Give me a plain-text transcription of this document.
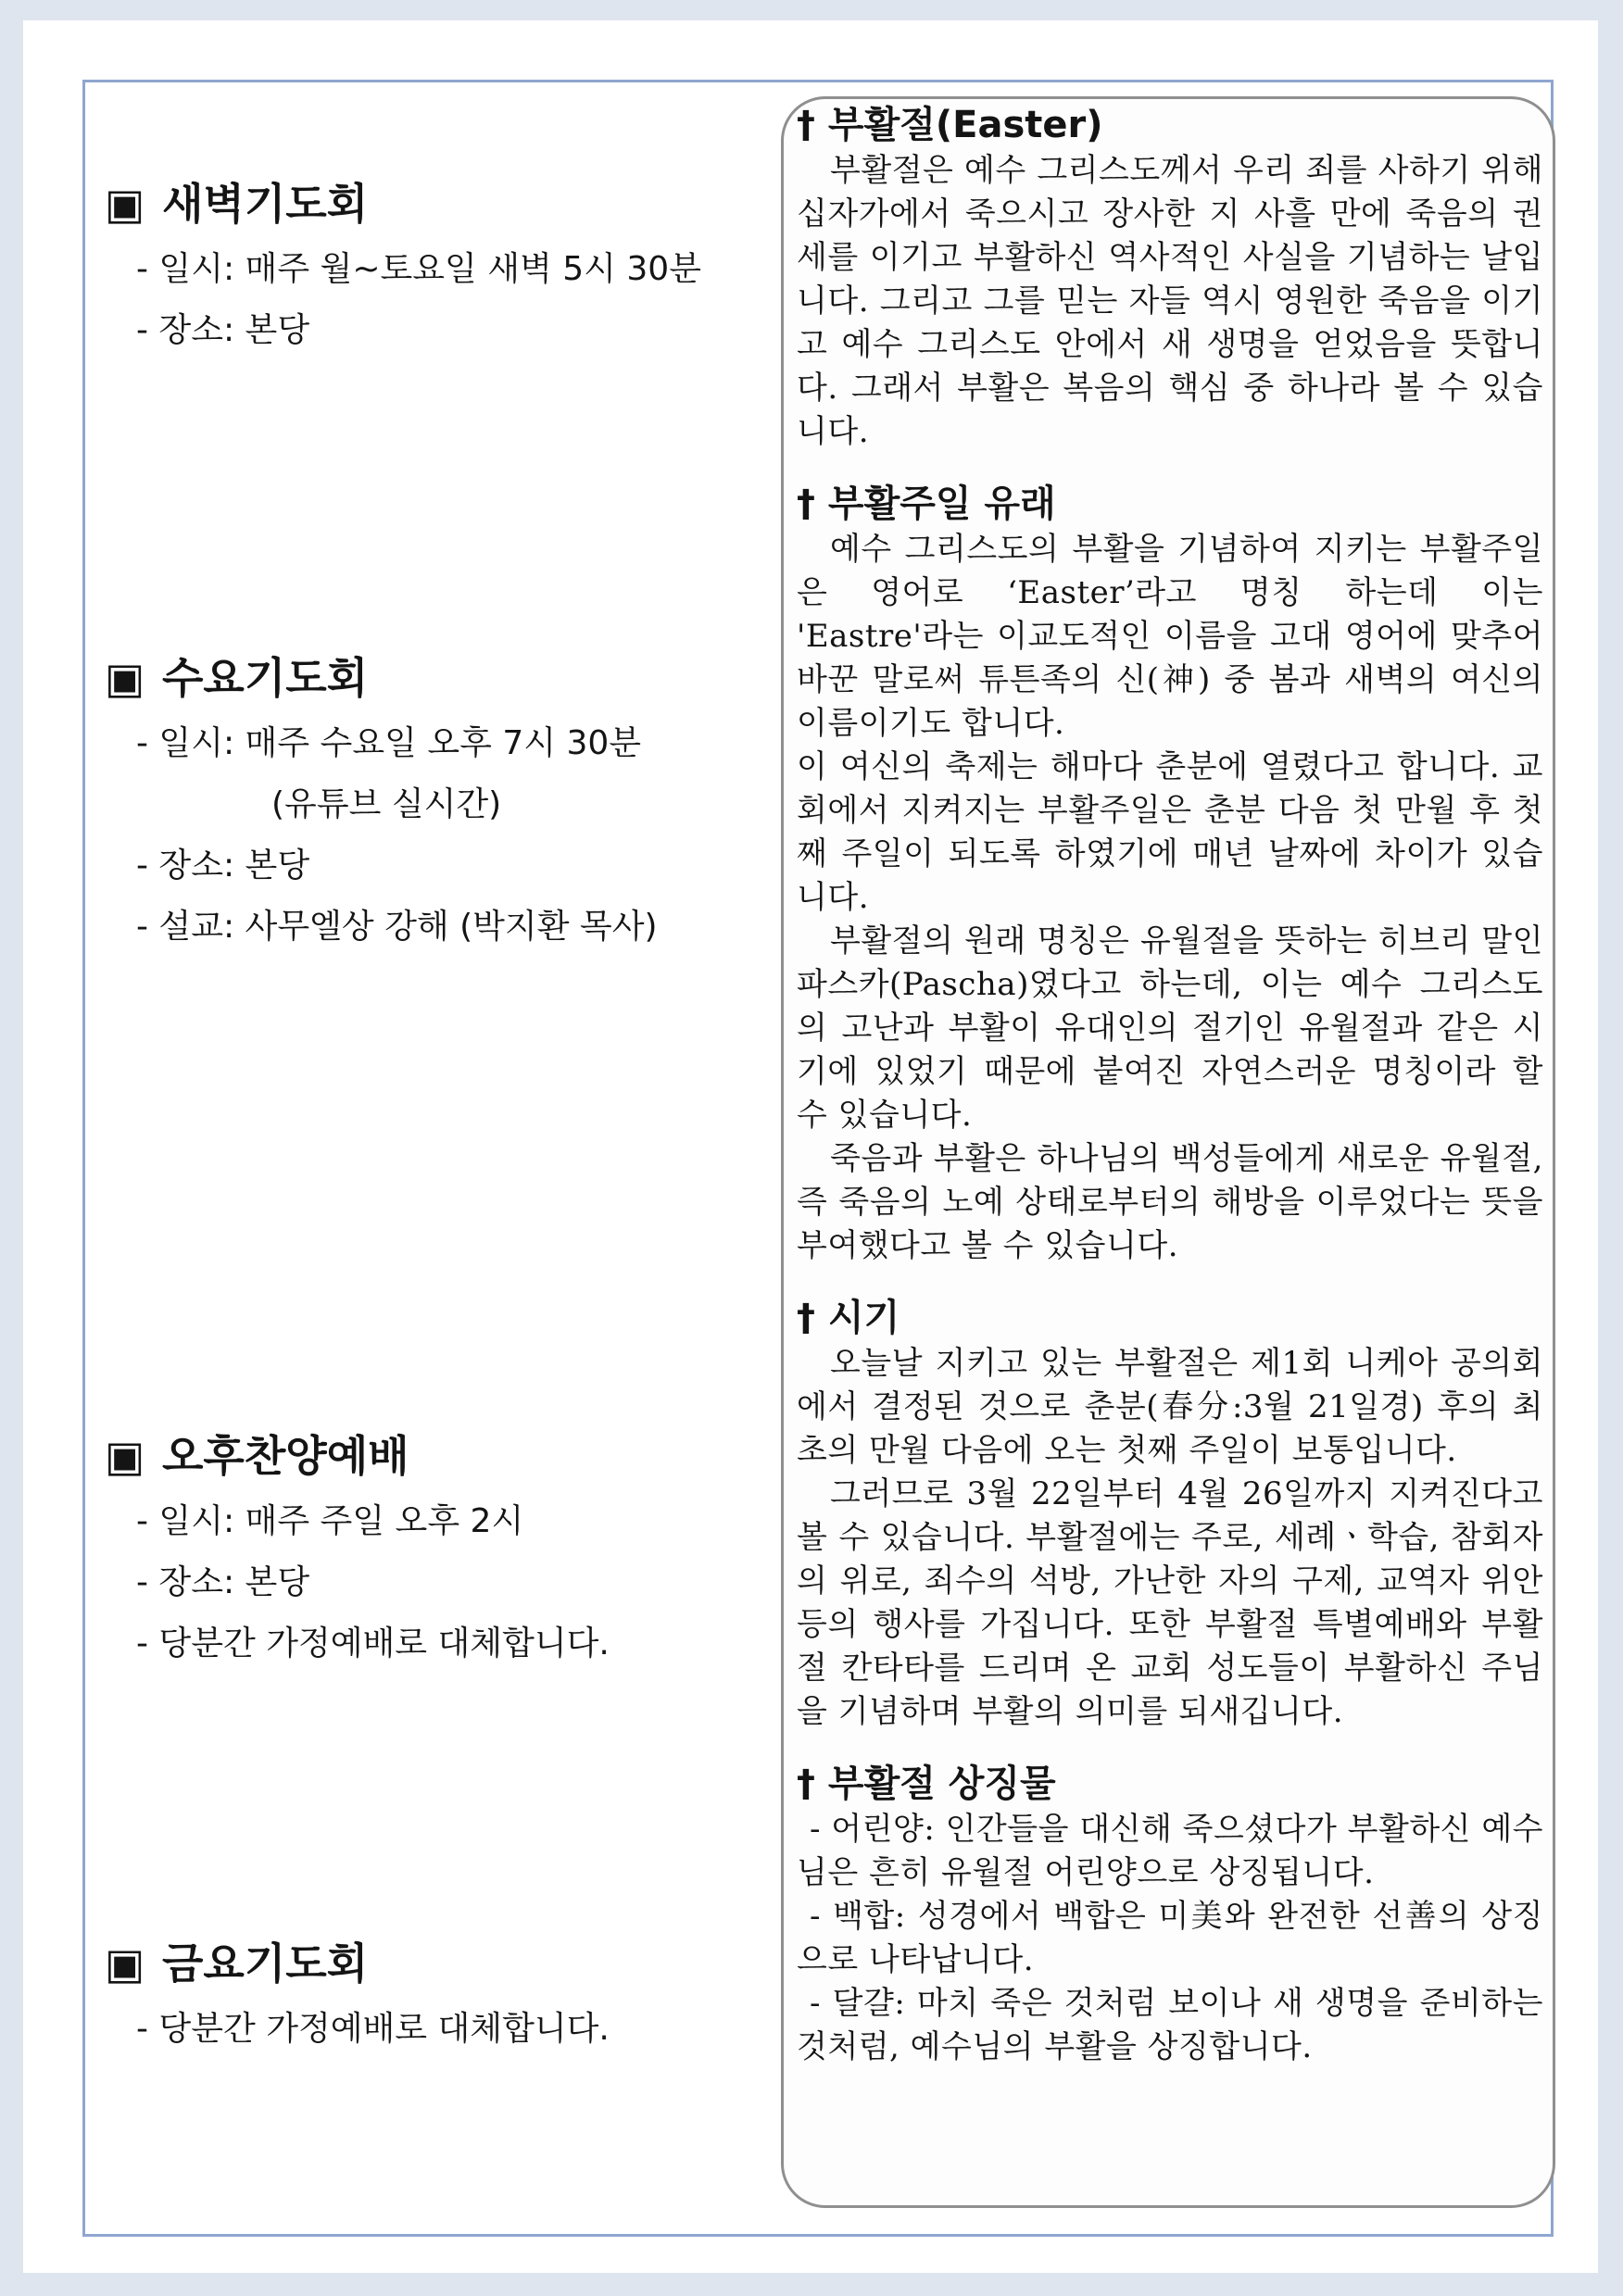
▣ 새벽기도회
- 일시: 매주 월~토요일 새벽 5시 30분
- 장소: 본당
▣ 수요기도회
- 일시: 매주 수요일 오후 7시 30분
(유튜브 실시간)
- 장소: 본당
- 설교: 사무엘상 강해 (박지환 목사)
▣ 오후찬양예배
- 일시: 매주 주일 오후 2시
- 장소: 본당
- 당분간 가정예배로 대체합니다.
▣ 금요기도회
- 당분간 가정예배로 대체합니다.
† 부활절(Easter)

부활절은 예수 그리스도께서 우리 죄를 사하기 위해 십자가에서 죽으시고 장사한 지 사흘 만에 죽음의 권세를 이기고 부활하신 역사적인 사실을 기념하는 날입니다. 그리고 그를 믿는 자들 역시 영원한 죽음을 이기고 예수 그리스도 안에서 새 생명을 얻었음을 뜻합니다. 그래서 부활은 복음의 핵심 중 하나라 볼 수 있습니다.

† 부활주일 유래

예수 그리스도의 부활을 기념하여 지키는 부활주일은 영어로 ‘Easter’라고 명칭 하는데 이는 'Eastre'라는 이교도적인 이름을 고대 영어에 맞추어 바꾼 말로써 튜튼족의 신(神) 중 봄과 새벽의 여신의 이름이기도 합니다.

이 여신의 축제는 해마다 춘분에 열렸다고 합니다. 교회에서 지켜지는 부활주일은 춘분 다음 첫 만월 후 첫째 주일이 되도록 하였기에 매년 날짜에 차이가 있습니다.

부활절의 원래 명칭은 유월절을 뜻하는 히브리 말인 파스카(Pascha)였다고 하는데, 이는 예수 그리스도의 고난과 부활이 유대인의 절기인 유월절과 같은 시기에 있었기 때문에 붙여진 자연스러운 명칭이라 할 수 있습니다.

죽음과 부활은 하나님의 백성들에게 새로운 유월절, 즉 죽음의 노예 상태로부터의 해방을 이루었다는 뜻을 부여했다고 볼 수 있습니다.

† 시기

오늘날 지키고 있는 부활절은 제1회 니케아 공의회에서 결정된 것으로 춘분(春分:3월 21일경) 후의 최초의 만월 다음에 오는 첫째 주일이 보통입니다.

그러므로 3월 22일부터 4월 26일까지 지켜진다고 볼 수 있습니다. 부활절에는 주로, 세례ㆍ학습, 참회자의 위로, 죄수의 석방, 가난한 자의 구제, 교역자 위안 등의 행사를 가집니다. 또한 부활절 특별예배와 부활절 칸타타를 드리며 온 교회 성도들이 부활하신 주님을 기념하며 부활의 의미를 되새깁니다.

† 부활절 상징물

- 어린양: 인간들을 대신해 죽으셨다가 부활하신 예수님은 흔히 유월절 어린양으로 상징됩니다.

- 백합: 성경에서 백합은 미美와 완전한 선善의 상징으로 나타납니다.

- 달걀: 마치 죽은 것처럼 보이나 새 생명을 준비하는 것처럼, 예수님의 부활을 상징합니다.
